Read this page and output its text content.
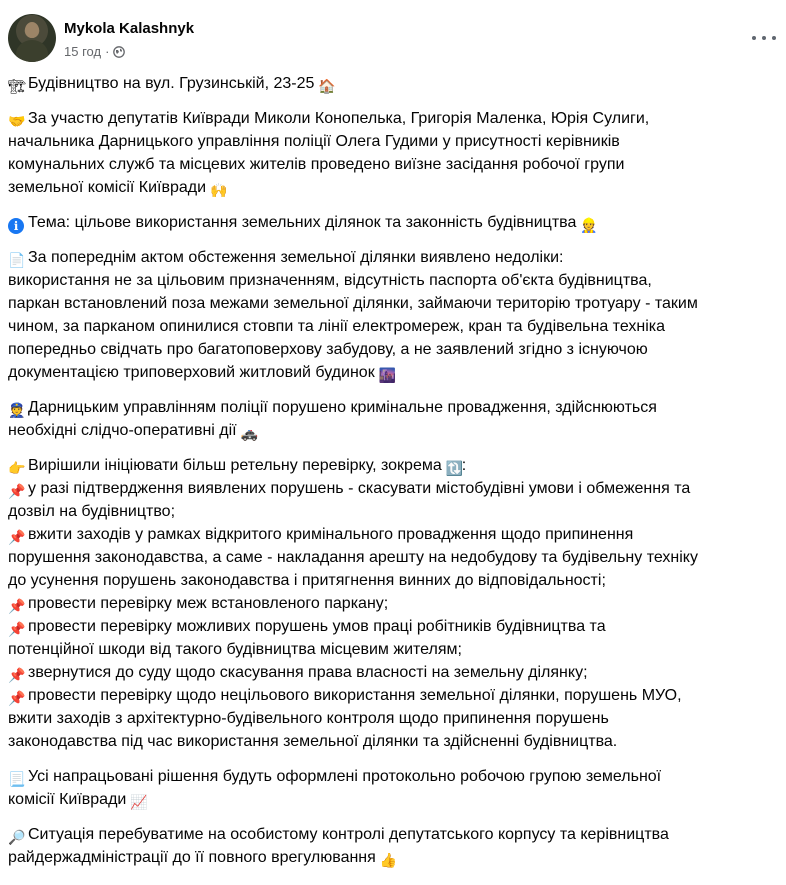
Mykola Kalashnyk
15 год ·
🏗 Будівництво на вул. Грузинській, 23-25 🏠
🤝 За участю депутатів Київради Миколи Конопелька, Григорія Маленка, Юрія Сулиги,
начальника Дарницького управління поліції Олега Гудими у присутності керівників
комунальних служб та місцевих жителів проведено виїзне засідання робочої групи
земельної комісії Київради 🙌
ℹ Тема: цільове використання земельних ділянок та законність будівництва 👷
📄 За попереднім актом обстеження земельної ділянки виявлено недоліки:
використання не за цільовим призначенням, відсутність паспорта об'єкта будівництва,
паркан встановлений поза межами земельної ділянки, займаючи територію тротуару - таким
чином, за парканом опинилися стовпи та лінії електромереж, кран та будівельна техніка
попередньо свідчать про багатоповерхову забудову, а не заявлений згідно з існуючою
документацією триповерховий житловий будинок 🌆
👮 Дарницьким управлінням поліції порушено кримінальне провадження, здійснюються
необхідні слідчо-оперативні дії 🚓
👉 Вирішили ініціювати більш ретельну перевірку, зокрема 🔃:
📌 у разі підтвердження виявлених порушень - скасувати містобудівні умови і обмеження та
дозвіл на будівництво;
📌 вжити заходів у рамках відкритого кримінального провадження щодо припинення
порушення законодавства, а саме - накладання арешту на недобудову та будівельну техніку
до усунення порушень законодавства і притягнення винних до відповідальності;
📌 провести перевірку меж встановленого паркану;
📌 провести перевірку можливих порушень умов праці робітників будівництва та
потенційної шкоди від такого будівництва місцевим жителям;
📌 звернутися до суду щодо скасування права власності на земельну ділянку;
📌 провести перевірку щодо нецільового використання земельної ділянки, порушень МУО,
вжити заходів з архітектурно-будівельного контроля щодо припинення порушень
законодавства під час використання земельної ділянки та здійсненні будівництва.
📃 Усі напрацьовані рішення будуть оформлені протокольно робочою групою земельної
комісії Київради 📈
🔎 Ситуація перебуватиме на особистому контролі депутатського корпусу та керівництва
райдержадміністрації до її повного врегулювання 👍
